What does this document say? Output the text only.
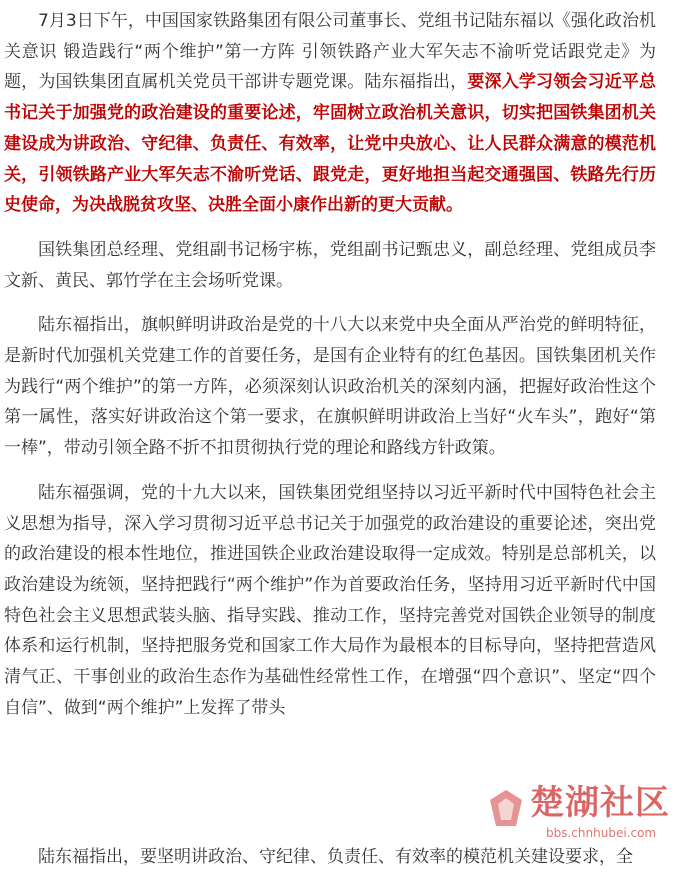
7月3日下午，中国国家铁路集团有限公司董事长、党组书记陆东福以《强化政治机关意识 锻造践行“两个维护”第一方阵 引领铁路产业大军矢志不渝听党话跟党走》为题，为国铁集团直属机关党员干部讲专题党课。陆东福指出，要深入学习领会习近平总书记关于加强党的政治建设的重要论述，牢固树立政治机关意识，切实把国铁集团机关建设成为讲政治、守纪律、负责任、有效率，让党中央放心、让人民群众满意的模范机关，引领铁路产业大军矢志不渝听党话、跟党走，更好地担当起交通强国、铁路先行历史使命，为决战脱贫攻坚、决胜全面小康作出新的更大贡献。

国铁集团总经理、党组副书记杨宇栋，党组副书记甄忠义，副总经理、党组成员李文新、黄民、郭竹学在主会场听党课。

陆东福指出，旗帜鲜明讲政治是党的十八大以来党中央全面从严治党的鲜明特征，是新时代加强机关党建工作的首要任务，是国有企业特有的红色基因。国铁集团机关作为践行“两个维护”的第一方阵，必须深刻认识政治机关的深刻内涵，把握好政治性这个第一属性，落实好讲政治这个第一要求，在旗帜鲜明讲政治上当好“火车头”，跑好“第一棒”，带动引领全路不折不扣贯彻执行党的理论和路线方针政策。

陆东福强调，党的十九大以来，国铁集团党组坚持以习近平新时代中国特色社会主义思想为指导，深入学习贯彻习近平总书记关于加强党的政治建设的重要论述，突出党的政治建设的根本性地位，推进国铁企业政治建设取得一定成效。特别是总部机关，以政治建设为统领，坚持把践行“两个维护”作为首要政治任务，坚持用习近平新时代中国特色社会主义思想武装头脑、指导实践、推动工作，坚持完善党对国铁企业领导的制度体系和运行机制，坚持把服务党和国家工作大局作为最根本的目标导向，坚持把营造风清气正、干事创业的政治生态作为基础性经常性工作，在增强“四个意识”、坚定“四个自信”、做到“两个维护”上发挥了带头

陆东福指出，要坚明讲政治、守纪律、负责任、有效率的模范机关建设要求，全
楚湖社区
bbs.chnhubei.com
